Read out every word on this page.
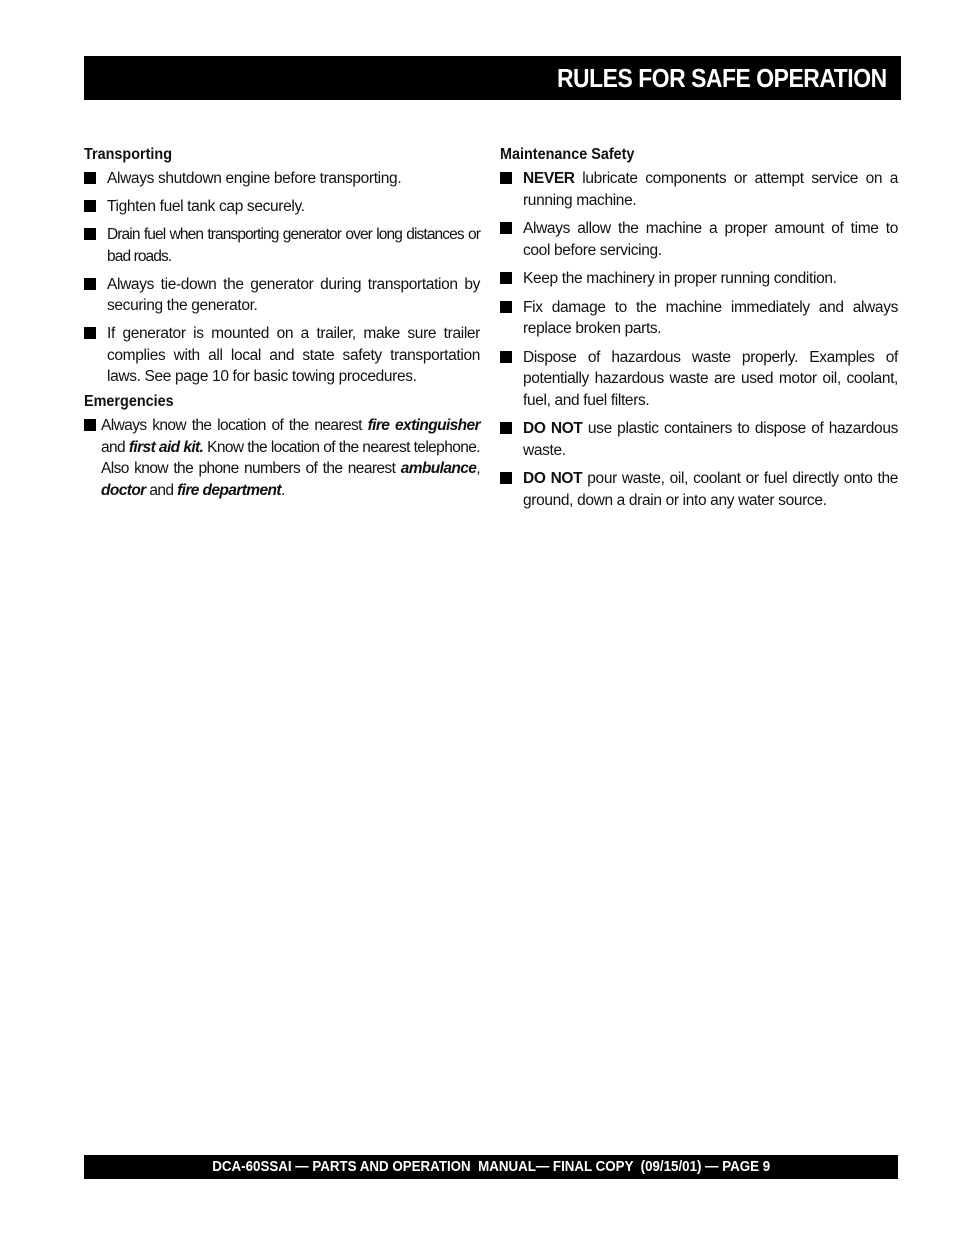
RULES FOR SAFE OPERATION
Transporting
Always shutdown engine before transporting.
Tighten fuel tank cap securely.
Drain fuel when transporting generator over long distances or bad roads.
Always tie-down the generator during transportation by securing the generator.
If generator is mounted on a trailer, make sure trailer complies with all local and state safety transportation laws. See page 10 for basic towing procedures.
Emergencies
Always know the location of the nearest fire extinguisher and first aid kit. Know the location of the nearest telephone. Also know the phone numbers of the nearest ambulance, doctor and fire department.
Maintenance Safety
NEVER lubricate components or attempt service on a running machine.
Always allow the machine a proper amount of time to cool before servicing.
Keep the machinery in proper running condition.
Fix damage to the machine immediately and always replace broken parts.
Dispose of hazardous waste properly. Examples of potentially hazardous waste are used motor oil, coolant, fuel, and fuel filters.
DO NOT use plastic containers to dispose of hazardous waste.
DO NOT pour waste, oil, coolant or fuel directly onto the ground, down a drain or into any water source.
DCA-60SSAI — PARTS AND OPERATION  MANUAL— FINAL COPY  (09/15/01) — PAGE 9
